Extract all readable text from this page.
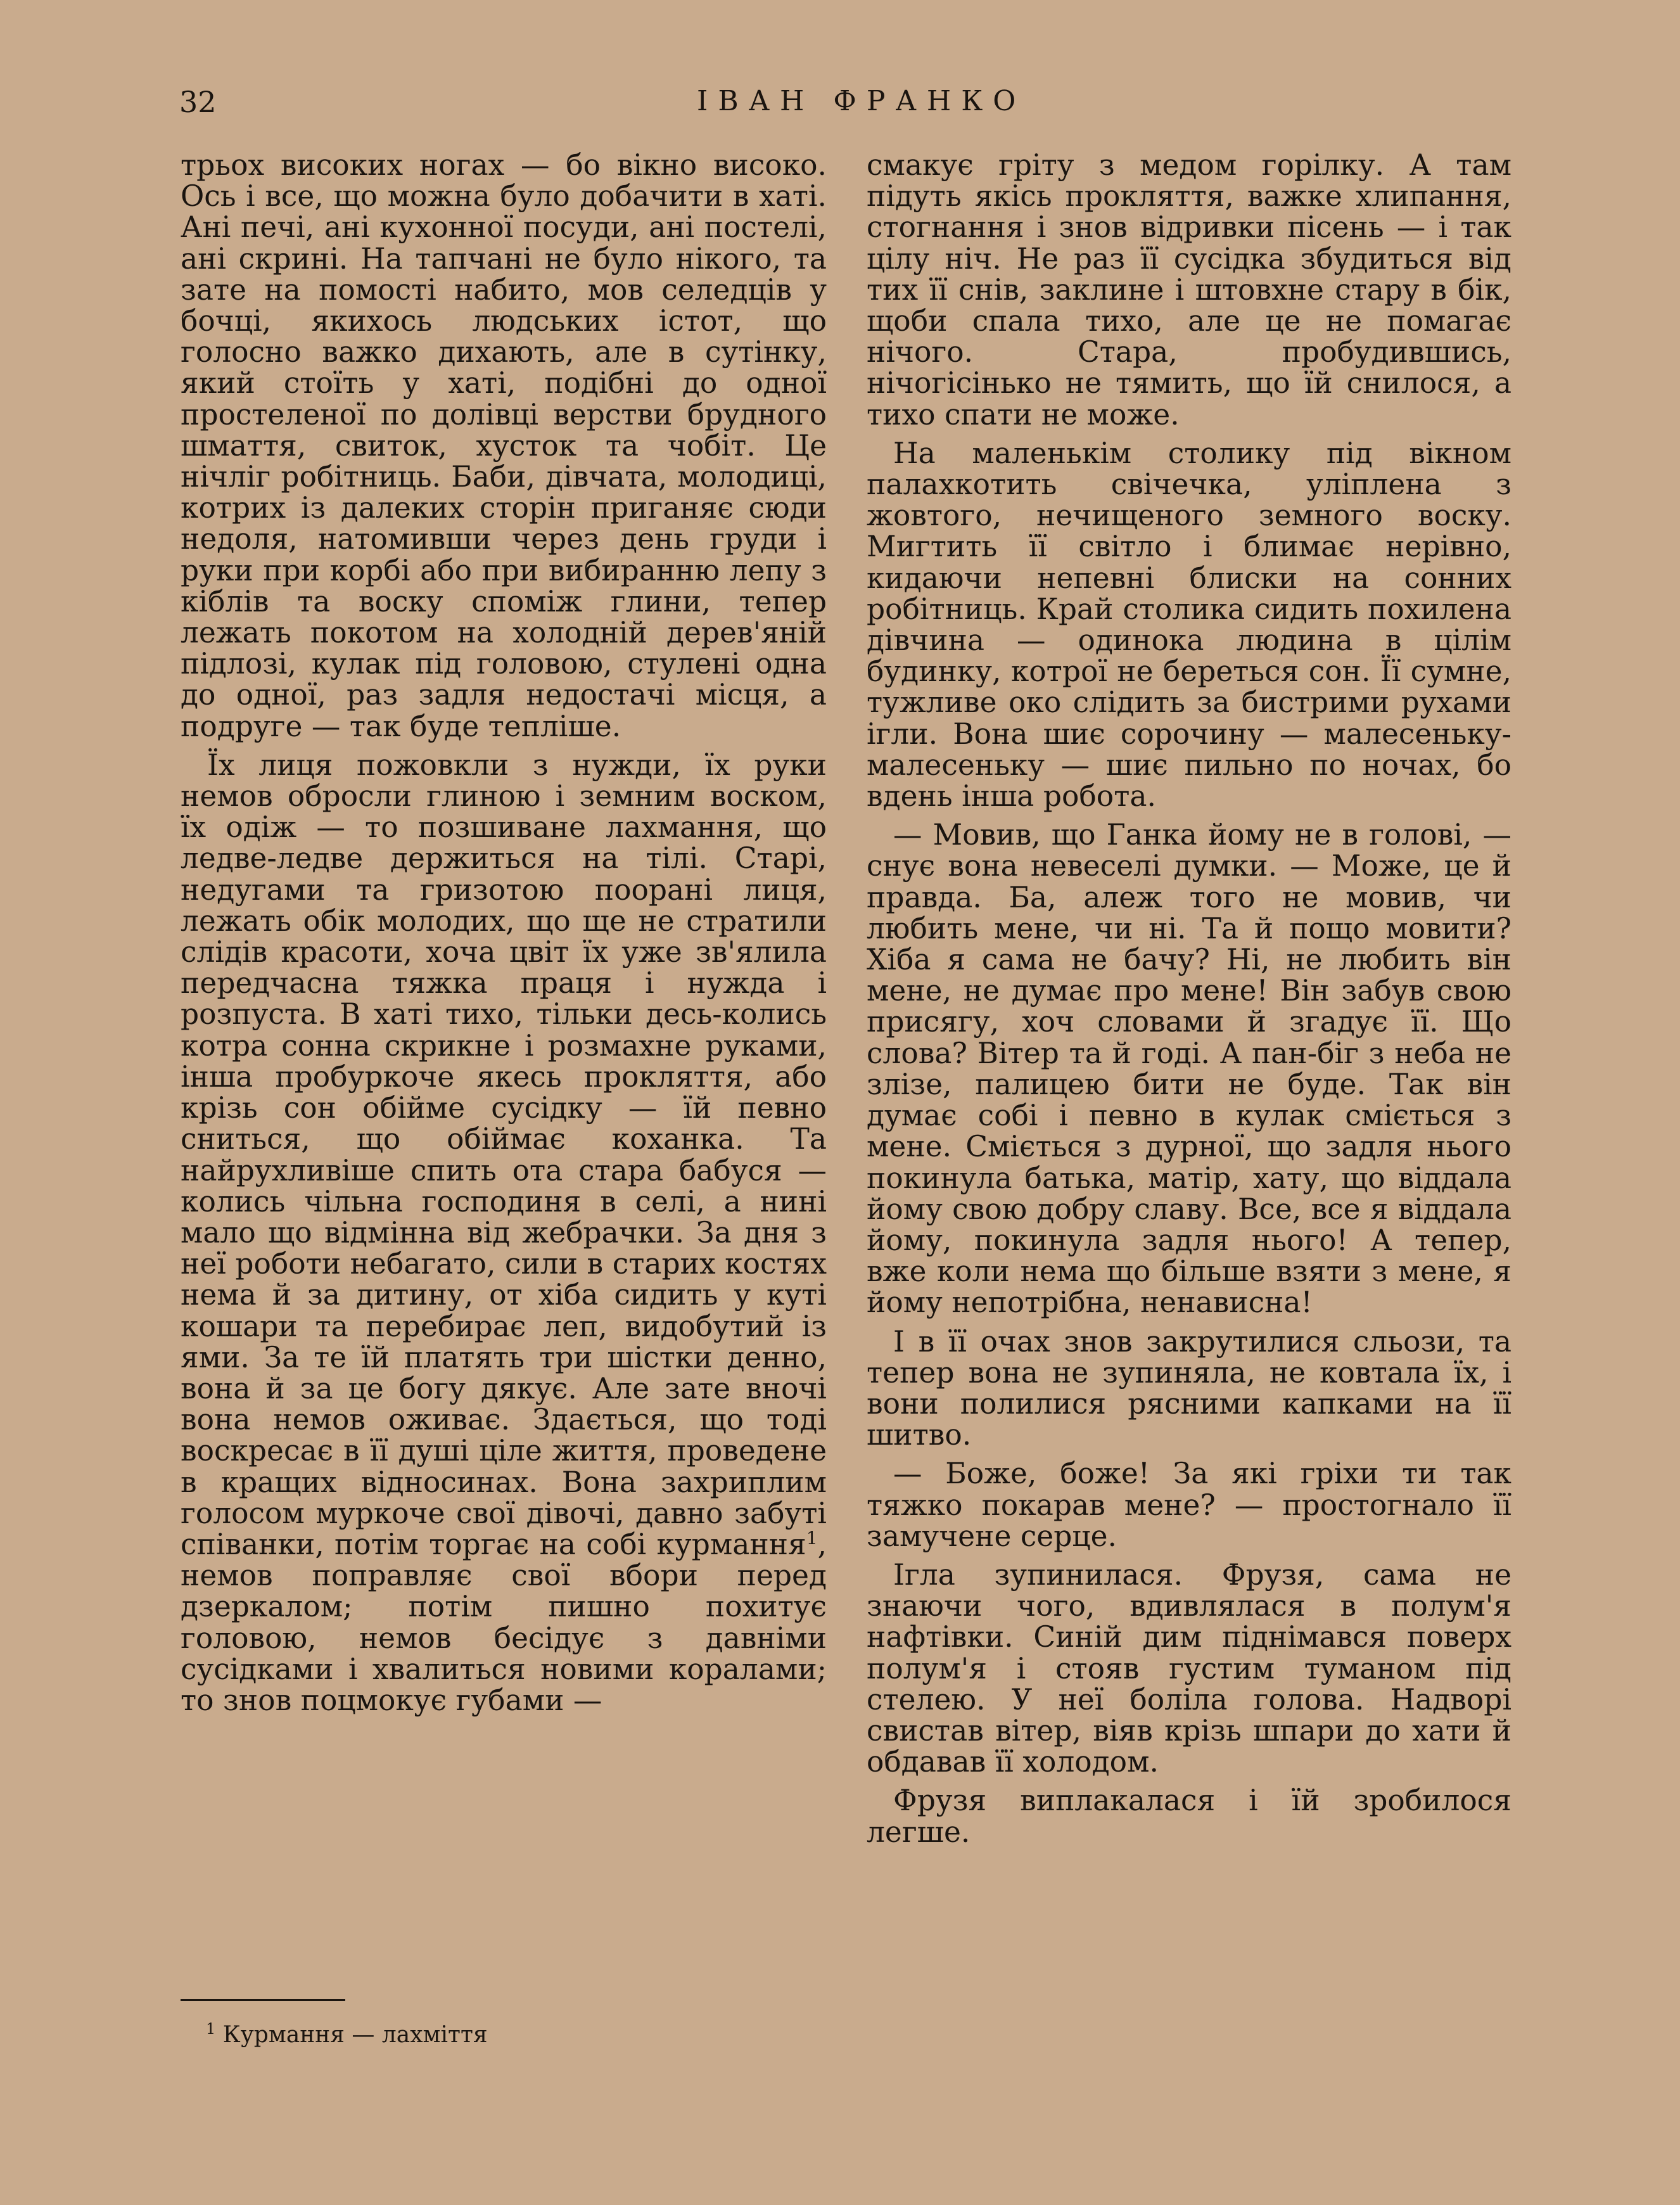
32	ІВАН ФРАНКО

трьох високих ногах — бо вікно високо. Ось і все, що можна було добачити в хаті. Ані печі, ані кухонної посуди, ані постелі, ані скрині. На тапчані не було нікого, та зате на помості набито, мов селедців у бочці, якихось людських істот, що голосно важко дихають, але в сутінку, який стоїть у хаті, подібні до одної простеленої по долівці верстви брудного шмаття, свиток, хусток та чобіт. Це нічліг робітниць. Баби, дівчата, молодиці, котрих із далеких сторін приганяє сюди недоля, натомивши через день груди і руки при корбі або при вибиранню лепу з кіблів та воску споміж глини, тепер лежать покотом на холодній дерев'яній підлозі, кулак під головою, стулені одна до одної, раз задля недостачі місця, а подруге — так буде тепліше.

Їх лиця пожовкли з нужди, їх руки немов обросли глиною і земним воском, їх одіж — то позшиване лахмання, що ледве-ледве держиться на тілі. Старі, недугами та гризотою поорані лиця, лежать обік молодих, що ще не стратили слідів красоти, хоча цвіт їх уже зв'ялила передчасна тяжка праця і нужда і розпуста. В хаті тихо, тільки десь-колись котра сонна скрикне і розмахне руками, інша пробуркоче якесь прокляття, або крізь сон обійме сусідку — їй певно сниться, що обіймає коханка. Та найрухливіше спить ота стара бабуся — колись чільна господиня в селі, а нині мало що відмінна від жебрачки. За дня з неї роботи небагато, сили в старих костях нема й за дитину, от хіба сидить у куті кошари та перебирає леп, видобутий із ями. За те їй платять три шістки денно, вона й за це богу дякує. Але зате вночі вона немов оживає. Здається, що тоді воскресає в її душі ціле життя, проведене в кращих відносинах. Вона захриплим голосом муркоче свої дівочі, давно забуті співанки, потім торгає на собі курмання$^1$, немов поправляє свої вбори перед дзеркалом; потім пишно похитує головою, немов бесідує з давніми сусідками і хвалиться новими коралами; то знов поцмокує губами —

смакує гріту з медом горілку. А там підуть якісь прокляття, важке хлипання, стогнання і знов відривки пісень — і так цілу ніч. Не раз її сусідка збудиться від тих її снів, заклине і штовхне стару в бік, щоби спала тихо, але це не помагає нічого. Стара, пробудившись, нічогісінько не тямить, що їй снилося, а тихо спати не може.

На маленькім столику під вікном палахкотить свічечка, уліплена з жовтого, нечищеного земного воску. Мигтить її світло і блимає нерівно, кидаючи непевні блиски на сонних робітниць. Край столика сидить похилена дівчина — одинока людина в цілім будинку, котрої не береться сон. Її сумне, тужливе око слідить за бистрими рухами ігли. Вона шиє сорочину — малесеньку-малесеньку — шиє пильно по ночах, бо вдень інша робота.

— Мовив, що Ганка йому не в голові, — снує вона невеселі думки. — Може, це й правда. Ба, алеж того не мовив, чи любить мене, чи ні. Та й пощо мовити? Хіба я сама не бачу? Ні, не любить він мене, не думає про мене! Він забув свою присягу, хоч словами й згадує її. Що слова? Вітер та й годі. А пан-біг з неба не злізе, палицею бити не буде. Так він думає собі і певно в кулак сміється з мене. Сміється з дурної, що задля нього покинула батька, матір, хату, що віддала йому свою добру славу. Все, все я віддала йому, покинула задля нього! А тепер, вже коли нема що більше взяти з мене, я йому непотрібна, ненависна!

І в її очах знов закрутилися сльози, та тепер вона не зупиняла, не ковтала їх, і вони полилися рясними капками на її шитво.

— Боже, боже! За які гріхи ти так тяжко покарав мене? — простогнало її замучене серце.

Ігла зупинилася. Фрузя, сама не знаючи чого, вдивлялася в полум'я нафтівки. Синій дим піднімався поверх полум'я і стояв густим туманом під стелею. У неї боліла голова. Надворі свистав вітер, віяв крізь шпари до хати й обдавав її холодом.

Фрузя виплакалася і їй зробилося легше.

$^1$ Курмання — лахміття
